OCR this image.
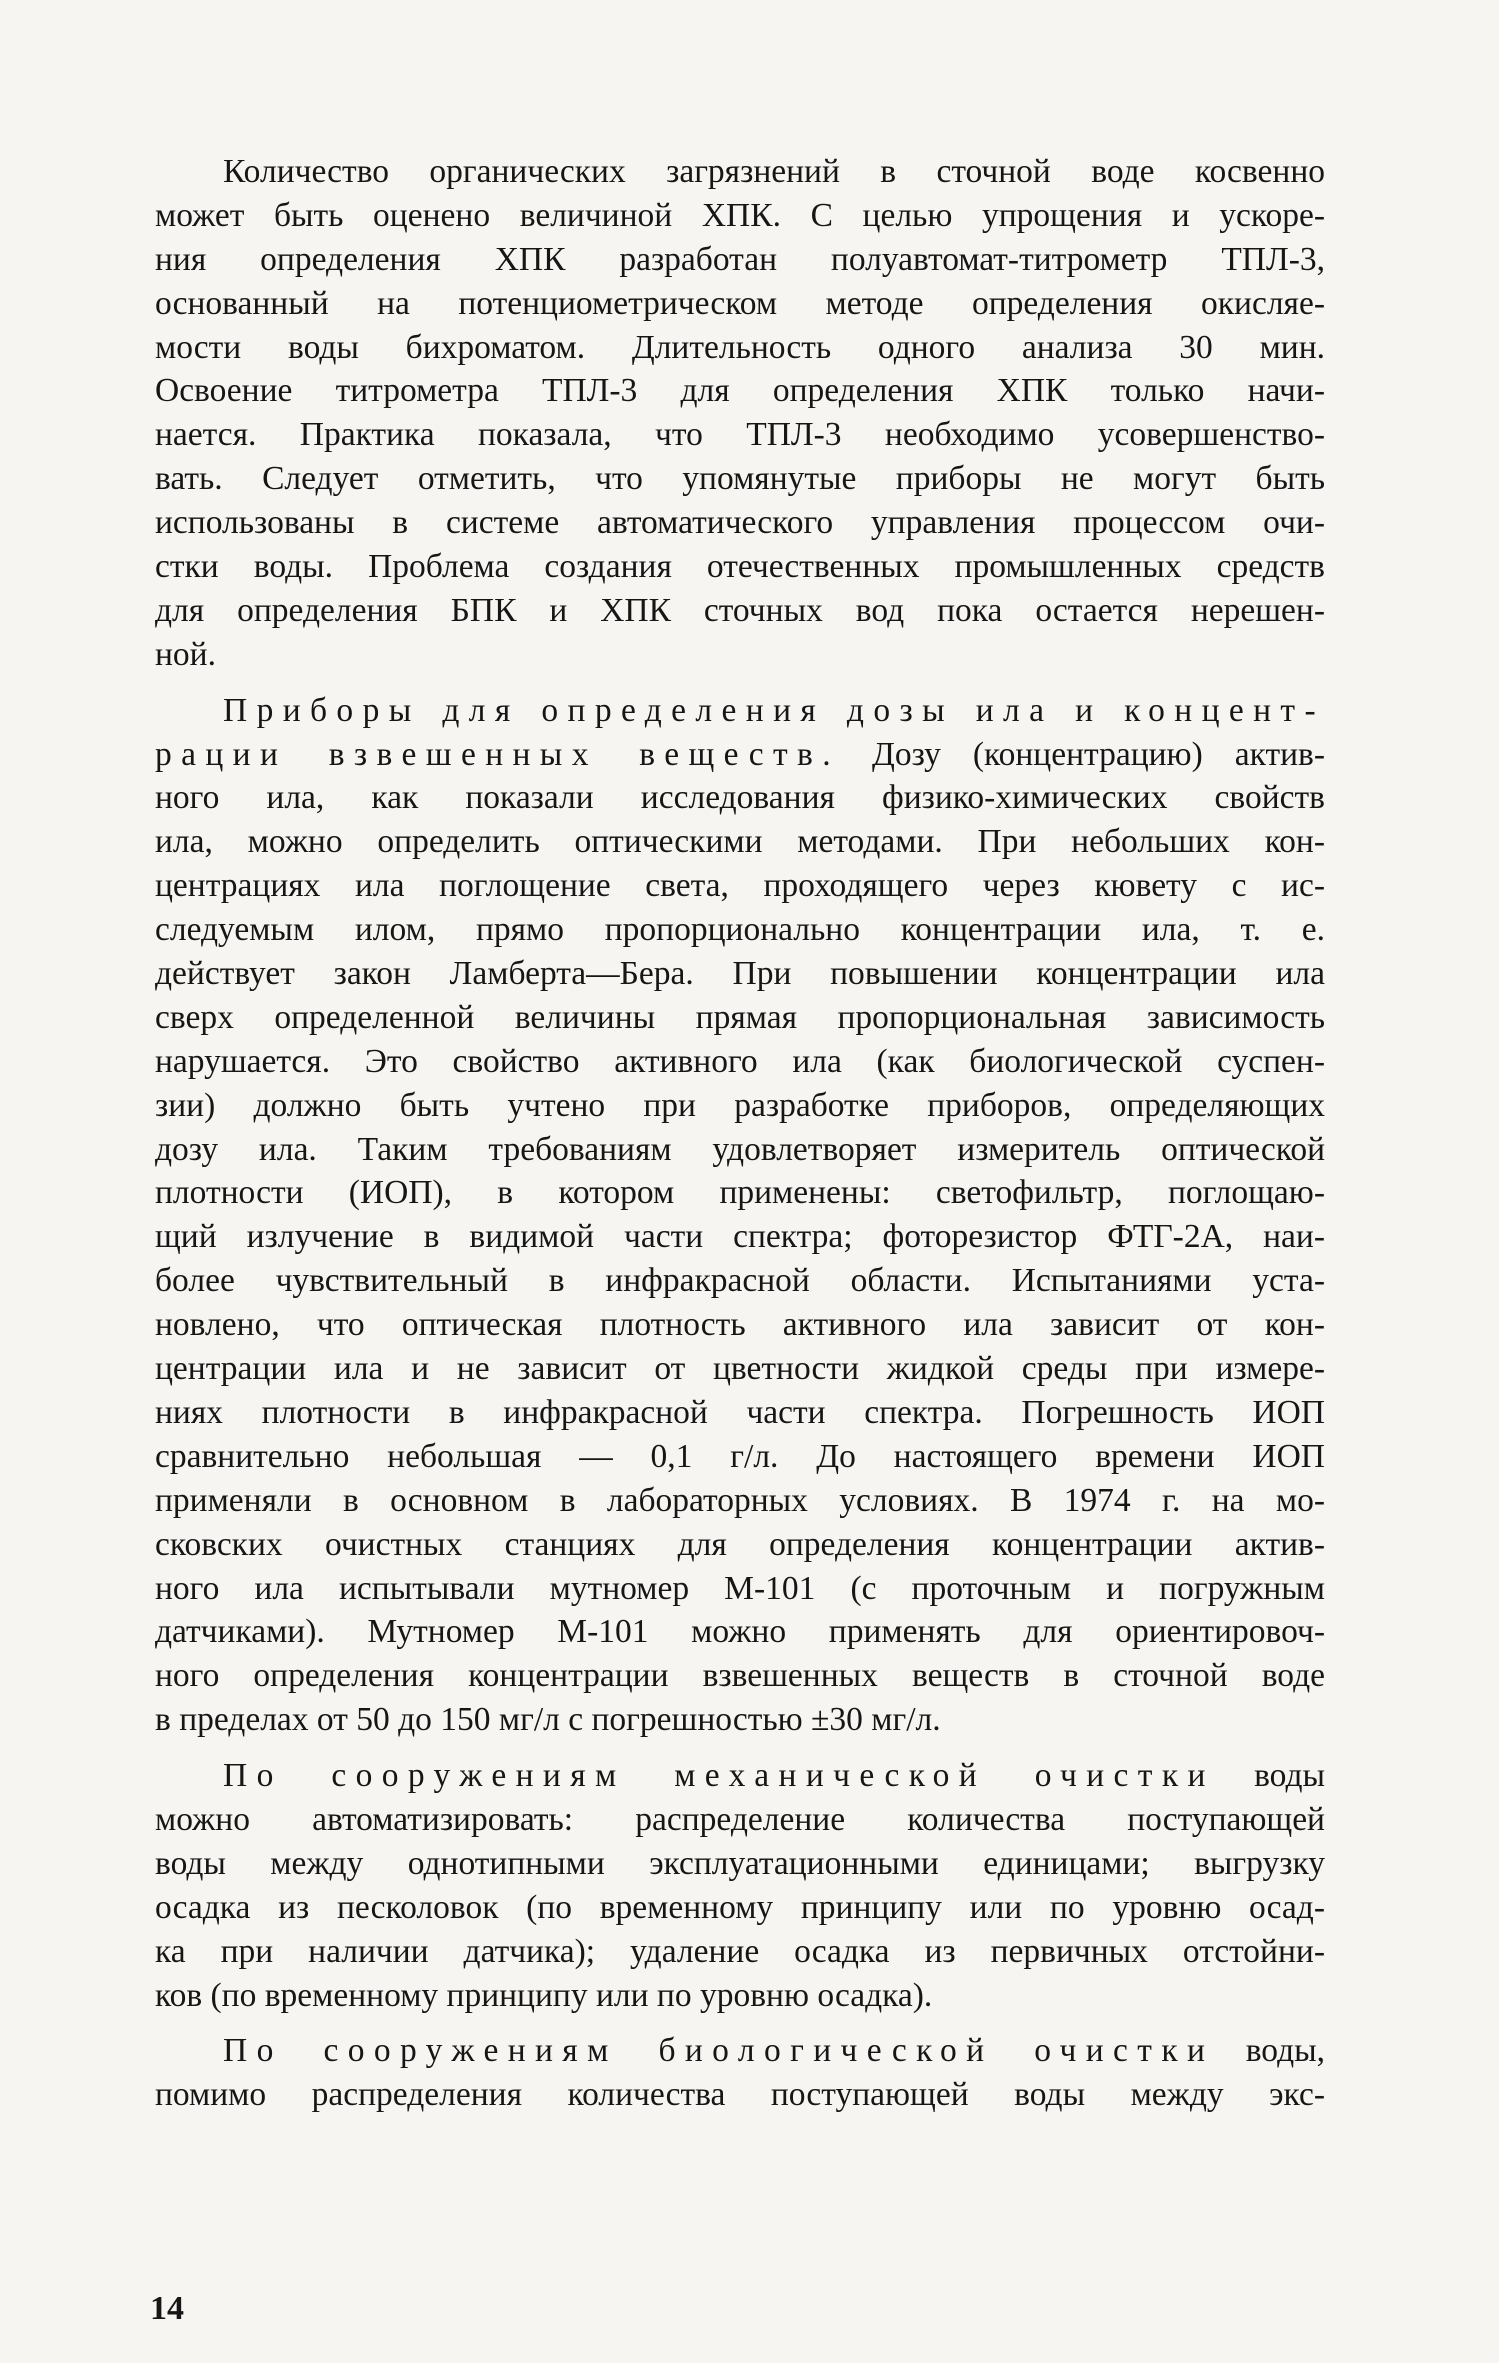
Количество органических загрязнений в сточной воде косвенно
может быть оценено величиной ХПК. С целью упрощения и ускоре-
ния определения ХПК разработан полуавтомат-титрометр ТПЛ-3,
основанный на потенциометрическом методе определения окисляе-
мости воды бихроматом. Длительность одного анализа 30 мин.
Освоение титрометра ТПЛ-3 для определения ХПК только начи-
нается. Практика показала, что ТПЛ-3 необходимо усовершенство-
вать. Следует отметить, что упомянутые приборы не могут быть
использованы в системе автоматического управления процессом очи-
стки воды. Проблема создания отечественных промышленных средств
для определения БПК и ХПК сточных вод пока остается нерешен-
ной.
Приборы для определения дозы ила и концент-
рации взвешенных веществ. Дозу (концентрацию) актив-
ного ила, как показали исследования физико-химических свойств
ила, можно определить оптическими методами. При небольших кон-
центрациях ила поглощение света, проходящего через кювету с ис-
следуемым илом, прямо пропорционально концентрации ила, т. е.
действует закон Ламберта—Бера. При повышении концентрации ила
сверх определенной величины прямая пропорциональная зависимость
нарушается. Это свойство активного ила (как биологической суспен-
зии) должно быть учтено при разработке приборов, определяющих
дозу ила. Таким требованиям удовлетворяет измеритель оптической
плотности (ИОП), в котором применены: светофильтр, поглощаю-
щий излучение в видимой части спектра; фоторезистор ФТГ-2А, наи-
более чувствительный в инфракрасной области. Испытаниями уста-
новлено, что оптическая плотность активного ила зависит от кон-
центрации ила и не зависит от цветности жидкой среды при измере-
ниях плотности в инфракрасной части спектра. Погрешность ИОП
сравнительно небольшая — 0,1 г/л. До настоящего времени ИОП
применяли в основном в лабораторных условиях. В 1974 г. на мо-
сковских очистных станциях для определения концентрации актив-
ного ила испытывали мутномер М-101 (с проточным и погружным
датчиками). Мутномер М-101 можно применять для ориентировоч-
ного определения концентрации взвешенных веществ в сточной воде
в пределах от 50 до 150 мг/л с погрешностью ±30 мг/л.
По сооружениям механической очистки воды
можно автоматизировать: распределение количества поступающей
воды между однотипными эксплуатационными единицами; выгрузку
осадка из песколовок (по временному принципу или по уровню осад-
ка при наличии датчика); удаление осадка из первичных отстойни-
ков (по временному принципу или по уровню осадка).
По сооружениям биологической очистки воды,
помимо распределения количества поступающей воды между экс-
14
